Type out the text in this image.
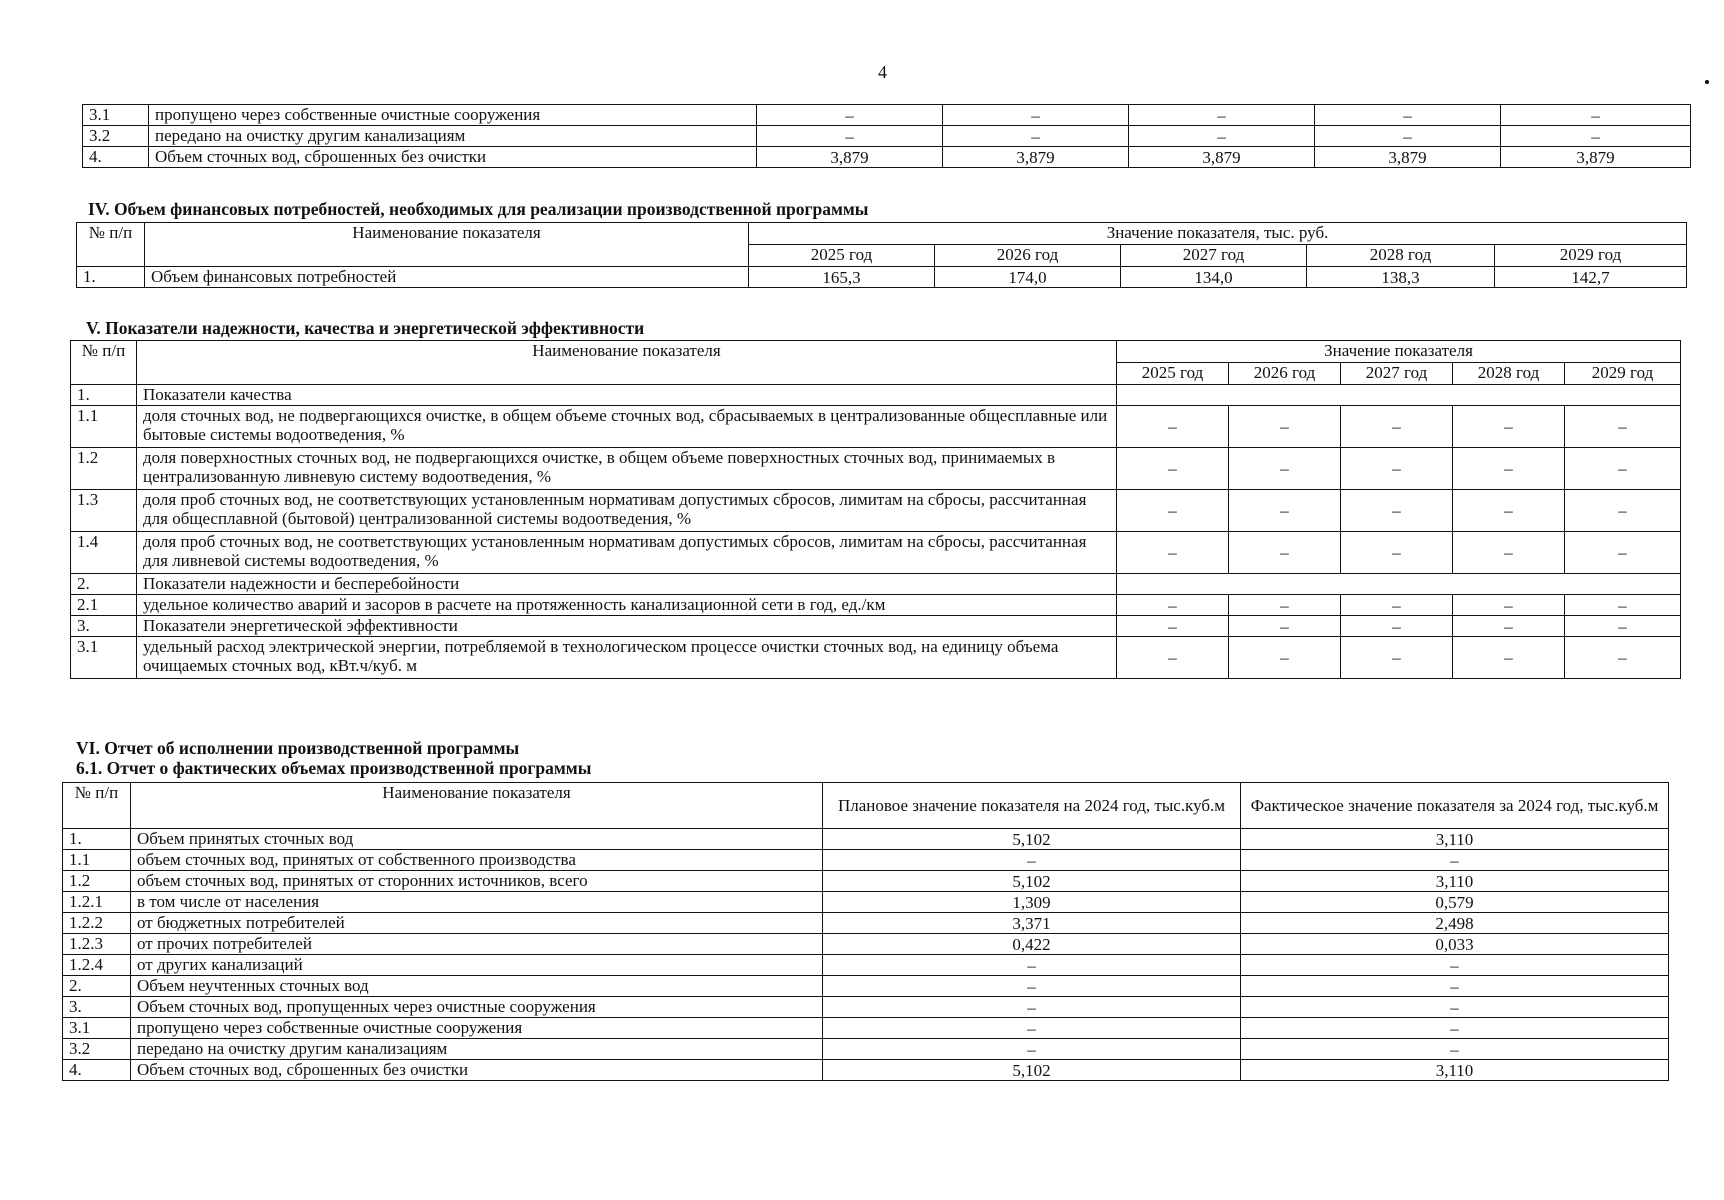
4
3.1	пропущено через собственные очистные сооружения	–	–	–	–	–
3.2	передано на очистку другим канализациям	–	–	–	–	–
4.	Объем сточных вод, сброшенных без очистки	3,879	3,879	3,879	3,879	3,879
IV. Объем финансовых потребностей, необходимых для реализации производственной программы
№ п/п	Наименование показателя	Значение показателя, тыс. руб.				
		2025 год	2026 год	2027 год	2028 год	2029 год
1.	Объем финансовых потребностей	165,3	174,0	134,0	138,3	142,7
V. Показатели надежности, качества и энергетической эффективности
№ п/п	Наименование показателя	Значение показателя				
		2025 год	2026 год	2027 год	2028 год	2029 год
1.	Показатели качества					
1.1	доля сточных вод, не подвергающихся очистке, в общем объеме сточных вод, сбрасываемых в централизованные общесплавные или бытовые системы водоотведения, %	–	–	–	–	–
1.2	доля поверхностных сточных вод, не подвергающихся очистке, в общем объеме поверхностных сточных вод, принимаемых в централизованную ливневую систему водоотведения, %	–	–	–	–	–
1.3	доля проб сточных вод, не соответствующих установленным нормативам допустимых сбросов, лимитам на сбросы, рассчитанная для общесплавной (бытовой) централизованной системы водоотведения, %	–	–	–	–	–
1.4	доля проб сточных вод, не соответствующих установленным нормативам допустимых сбросов, лимитам на сбросы, рассчитанная для ливневой системы водоотведения, %	–	–	–	–	–
2.	Показатели надежности и бесперебойности					
2.1	удельное количество аварий и засоров в расчете на протяженность канализационной сети в год, ед./км	–	–	–	–	–
3.	Показатели энергетической эффективности	–	–	–	–	–
3.1	удельный расход электрической энергии, потребляемой в технологическом процессе очистки сточных вод, на единицу объема очищаемых сточных вод, кВт.ч/куб. м	–	–	–	–	–
VI. Отчет об исполнении производственной программы
6.1. Отчет о фактических объемах производственной программы
№ п/п	Наименование показателя	Плановое значение показателя на 2024 год, тыс.куб.м	Фактическое значение показателя за 2024 год, тыс.куб.м
1.	Объем принятых сточных вод	5,102	3,110
1.1	объем сточных вод, принятых от собственного производства	–	–
1.2	объем сточных вод, принятых от сторонних источников, всего	5,102	3,110
1.2.1	в том числе от населения	1,309	0,579
1.2.2	от бюджетных потребителей	3,371	2,498
1.2.3	от прочих потребителей	0,422	0,033
1.2.4	от других канализаций	–	–
2.	Объем неучтенных сточных вод	–	–
3.	Объем сточных вод, пропущенных через очистные сооружения	–	–
3.1	пропущено через собственные очистные сооружения	–	–
3.2	передано на очистку другим канализациям	–	–
4.	Объем сточных вод, сброшенных без очистки	5,102	3,110
